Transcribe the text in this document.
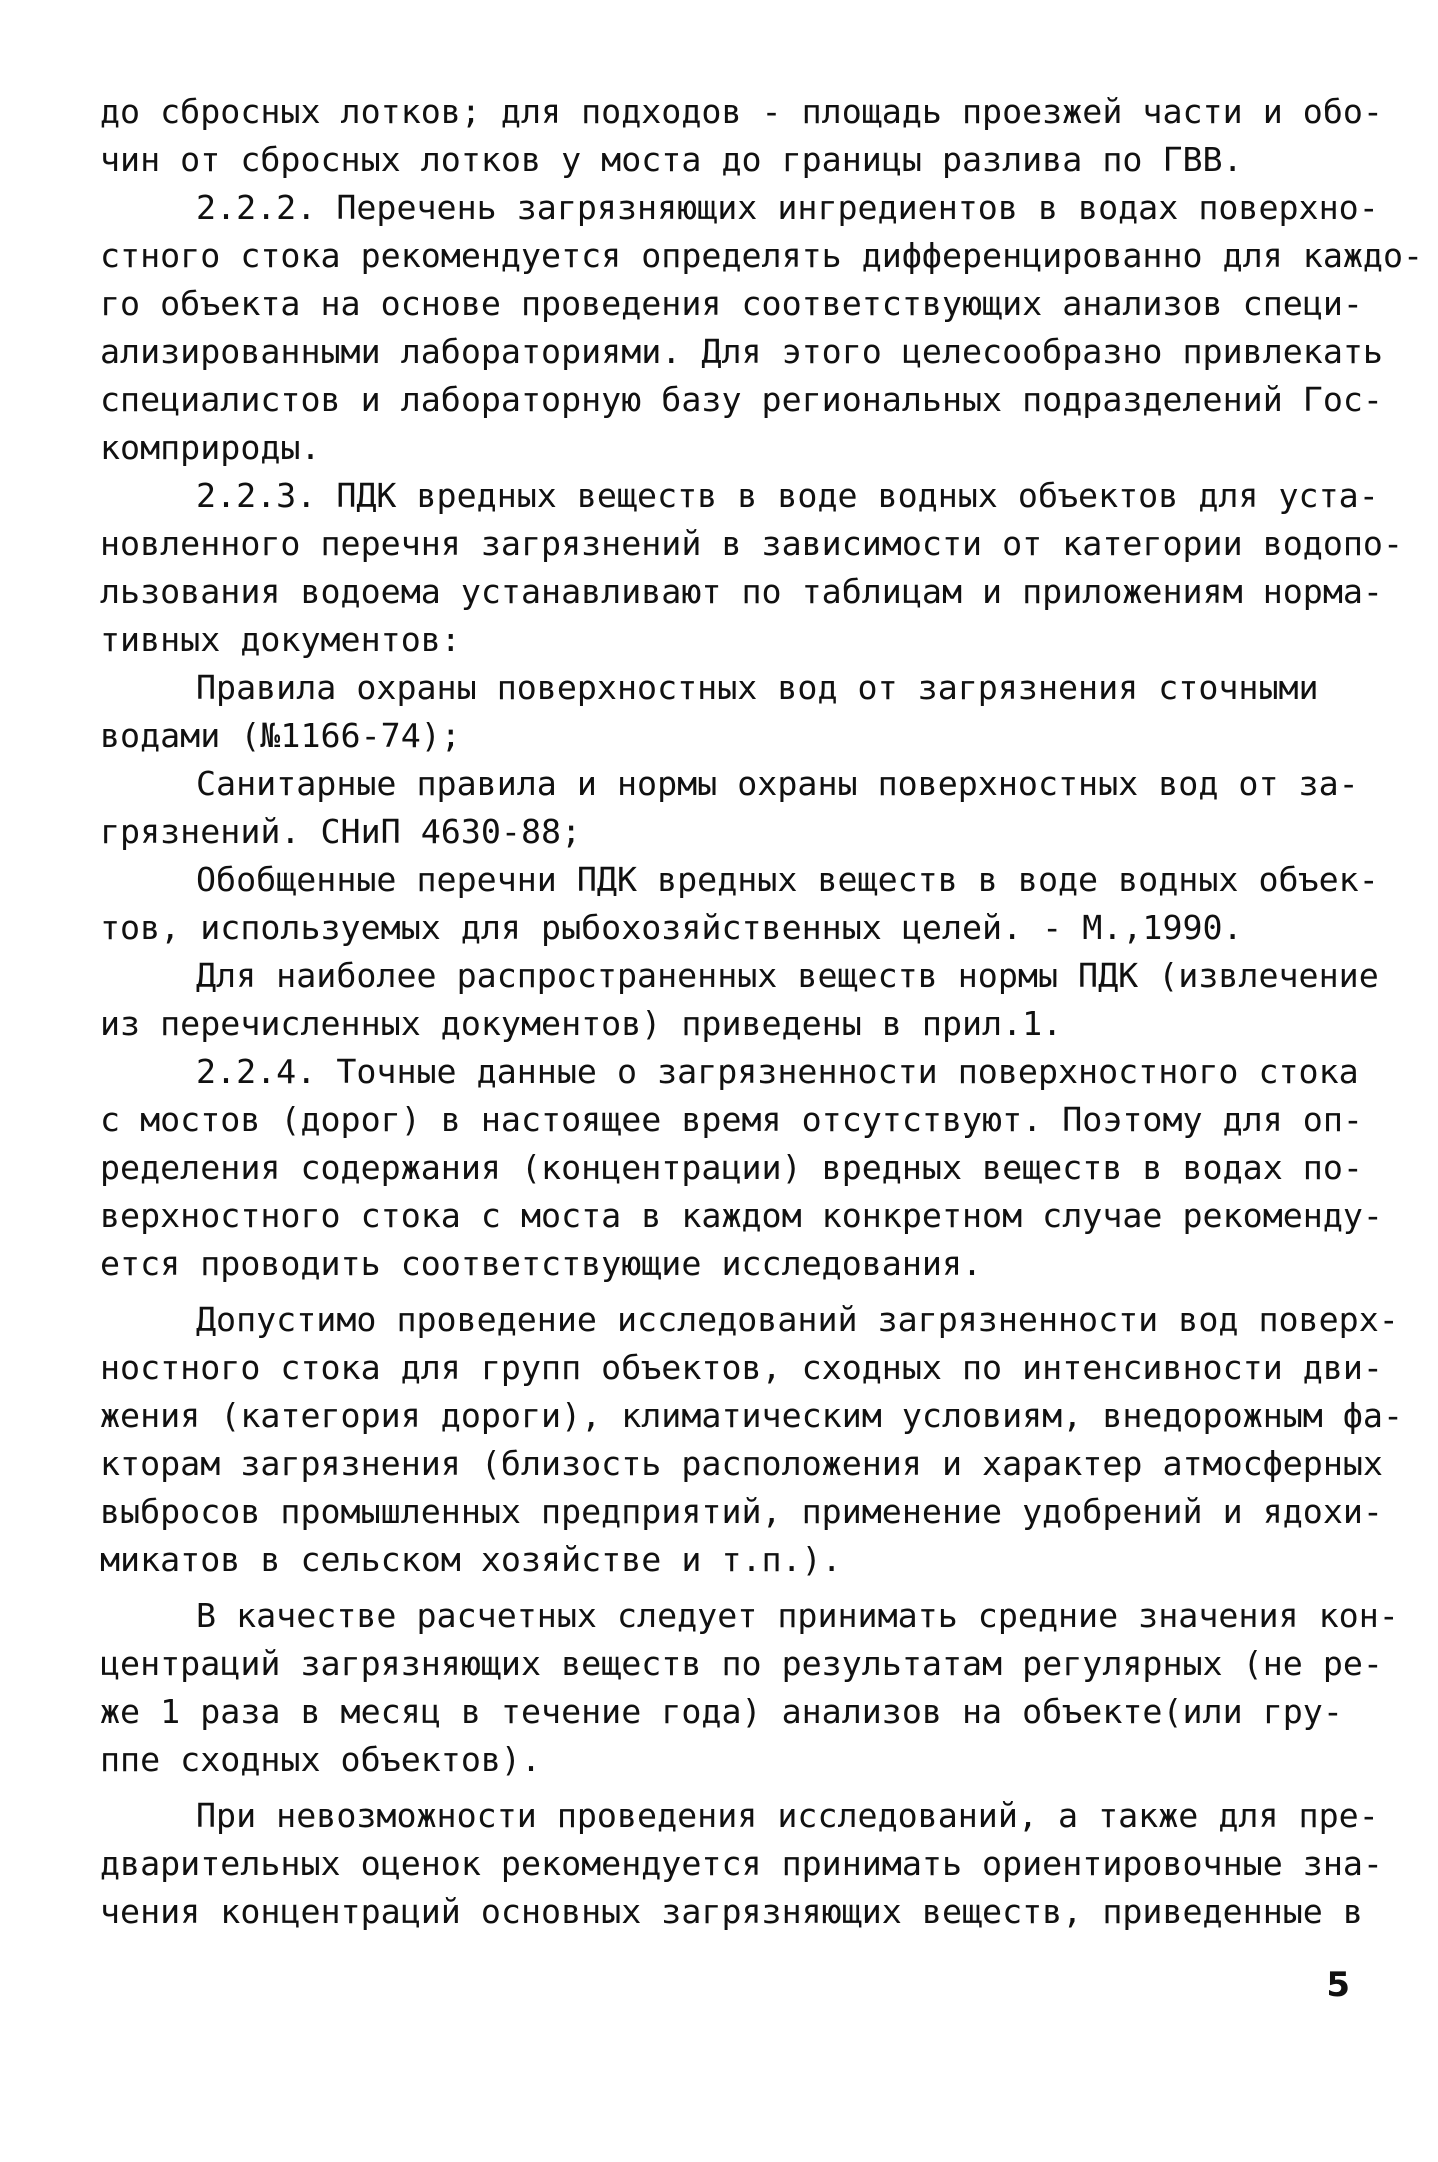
до сбросных лотков; для подходов - площадь проезжей части и обо-
чин от сбросных лотков у моста до границы разлива по ГВВ.
2.2.2. Перечень загрязняющих ингредиентов в водах поверхно-
стного стока рекомендуется определять дифференцированно для каждо-
го объекта на основе проведения соответствующих анализов специ-
ализированными лабораториями. Для этого целесообразно привлекать
специалистов и лабораторную базу региональных подразделений Гос-
комприроды.
2.2.3. ПДК вредных веществ в воде водных объектов для уста-
новленного перечня загрязнений в зависимости от категории водопо-
льзования водоема устанавливают по таблицам и приложениям норма-
тивных документов:
Правила охраны поверхностных вод от загрязнения сточными
водами (№1166-74);
Санитарные правила и нормы охраны поверхностных вод от за-
грязнений. СНиП 4630-88;
Обобщенные перечни ПДК вредных веществ в воде водных объек-
тов, используемых для рыбохозяйственных целей. - М.,1990.
Для наиболее распространенных веществ нормы ПДК (извлечение
из перечисленных документов) приведены в прил.1.
2.2.4. Точные данные о загрязненности поверхностного стока
с мостов (дорог) в настоящее время отсутствуют. Поэтому для оп-
ределения содержания (концентрации) вредных веществ в водах по-
верхностного стока с моста в каждом конкретном случае рекоменду-
ется проводить соответствующие исследования.
Допустимо проведение исследований загрязненности вод поверх-
ностного стока для групп объектов, сходных по интенсивности дви-
жения (категория дороги), климатическим условиям, внедорожным фа-
кторам загрязнения (близость расположения и характер атмосферных
выбросов промышленных предприятий, применение удобрений и ядохи-
микатов в сельском хозяйстве и т.п.).
В качестве расчетных следует принимать средние значения кон-
центраций загрязняющих веществ по результатам регулярных (не ре-
же 1 раза в месяц в течение года) анализов на объекте(или гру-
ппе сходных объектов).
При невозможности проведения исследований, а также для пре-
дварительных оценок рекомендуется принимать ориентировочные зна-
чения концентраций основных загрязняющих веществ, приведенные в
5
